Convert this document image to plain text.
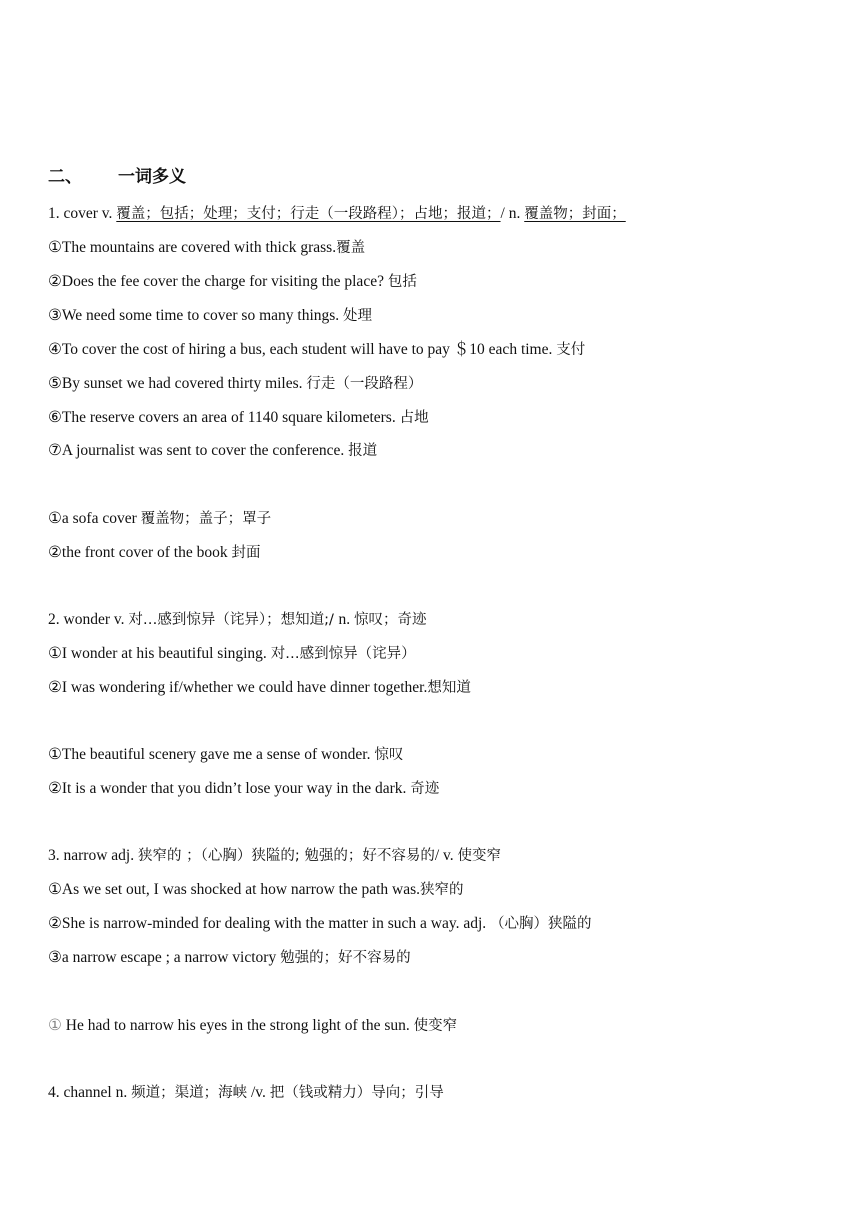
二、 一词多义
1. cover v. 覆盖；包括；处理；支付；行走（一段路程）；占地；报道；/ n. 覆盖物；封面；
①The mountains are covered with thick grass.覆盖
②Does the fee cover the charge for visiting the place? 包括
③We need some time to cover so many things. 处理
④To cover the cost of hiring a bus, each student will have to pay ＄10 each time. 支付
⑤By sunset we had covered thirty miles. 行走（一段路程）
⑥The reserve covers an area of 1140 square kilometers. 占地
⑦A journalist was sent to cover the conference. 报道
①a sofa cover 覆盖物；盖子；罩子
②the front cover of the book 封面
2. wonder v. 对…感到惊异（诧异）；想知道;/ n. 惊叹；奇迹
①I wonder at his beautiful singing. 对…感到惊异（诧异）
②I was wondering if/whether we could have dinner together.想知道
①The beautiful scenery gave me a sense of wonder. 惊叹
②It is a wonder that you didn’t lose your way in the dark. 奇迹
3. narrow adj. 狭窄的 ；（心胸）狭隘的; 勉强的；好不容易的/ v. 使变窄
①As we set out, I was shocked at how narrow the path was.狭窄的
②She is narrow-minded for dealing with the matter in such a way. adj. （心胸）狭隘的
③a narrow escape ; a narrow victory 勉强的；好不容易的
① He had to narrow his eyes in the strong light of the sun. 使变窄
4. channel n. 频道；渠道；海峡 /v. 把（钱或精力）导向；引导
